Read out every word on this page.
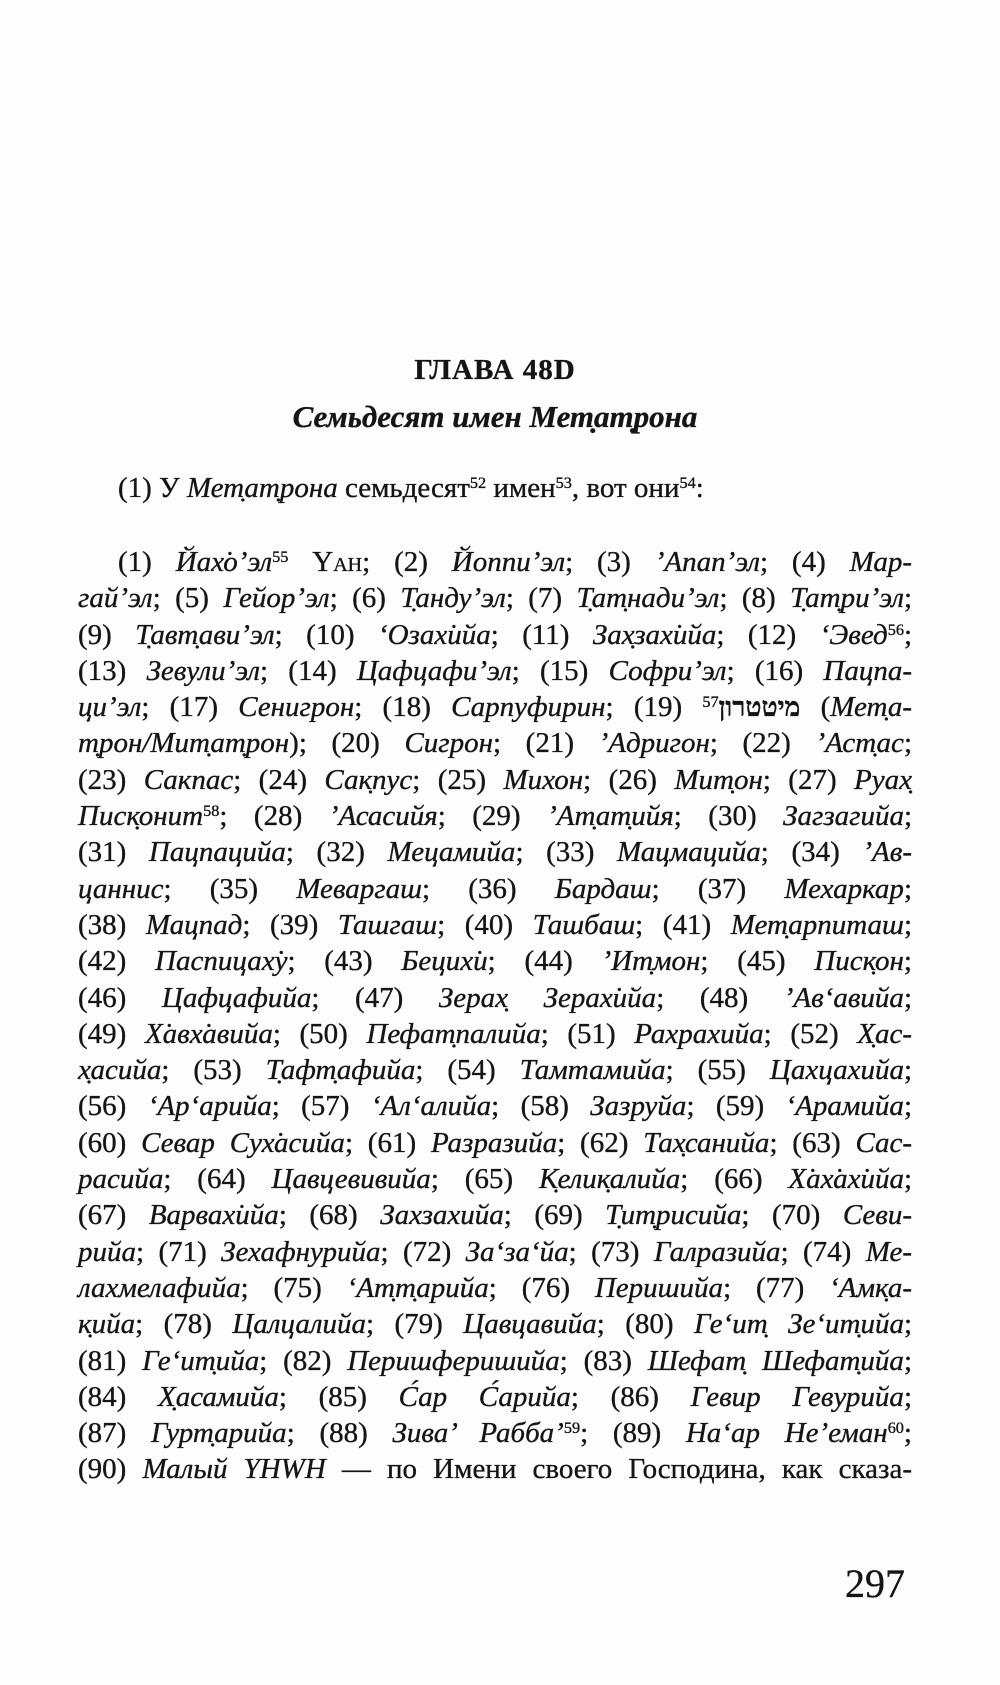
ГЛАВА 48D
Семьдесят имен Мет̣ат̣рона
(1) У Мет̣ат̣рона семьдесят$^{52}$ имен$^{53}$, вот они$^{54}$:
(1) $Йах̇о’эл^{55}$ Yah; (2) Йоппи’эл; (3) ’Апап’эл; (4) Мар-
гай’эл; (5) Гейор’эл; (6) Т̣анду’эл; (7) Т̣ат̣нади’эл; (8) Т̣ат̣ри’эл;
(9) Т̣авт̣ави’эл; (10) ‘Озах̇ийа; (11) Зах̣зах̇ийа; (12) ‘Эвед$^{56}$;
(13) Зевули’эл; (14) Цафцафи’эл; (15) Софри’эл; (16) Пацпа-
ци’эл; (17) Сенигрон; (18) Сарпуфирин; (19) $^{57}$מיטטרון (Мет̣а-
т̣рон/Мит̣ат̣рон); (20) Сигрон; (21) ’Адригон; (22) ’Аст̣ас;
(23) Сакпас; (24) Сак̣пус; (25) Михон; (26) Мит̣он; (27) Руах̣
Писк̣онит$^{58}$; (28) ’Асасийя; (29) ’Ат̣ат̣ийя; (30) Загзагийа;
(31) Пацпацийа; (32) Мецамийа; (33) Мацмацийа; (34) ’Ав-
цаннис; (35) Меваргаш; (36) Бардаш; (37) Мехаркар;
(38) Мацпад; (39) Ташгаш; (40) Ташбаш; (41) Мет̣арпиташ;
(42) Паспицах̇у; (43) Бецих̇и; (44) ’Ит̣мон; (45) Писк̣он;
(46) Цафцафийа; (47) Зерах̣ Зерах̇ийа; (48) ’Ав‘авийа;
(49) Х̇авх̇авийа; (50) Пефат̣палийа; (51) Рахрахийа; (52) Х̣ас-
х̣асийа; (53) Т̣афт̣афийа; (54) Тамтамийа; (55) Цахцахийа;
(56) ‘Ар‘арийа; (57) ‘Ал‘алийа; (58) Зазруйа; (59) ‘Арамийа;
(60) Севар Сух̇асийа; (61) Разразийа; (62) Тах̣санийа; (63) Сас-
расийа; (64) Цавцевивийа; (65) К̣елик̣алийа; (66) Х̇ах̇ах̇ийа;
(67) Варвах̇ийа; (68) Захзахийа; (69) Т̣ит̣рисийа; (70) Севи-
рийа; (71) Зехафнурийа; (72) За‘за‘йа; (73) Галразийа; (74) Ме-
лахмелафийа; (75) ‘Ат̣т̣арийа; (76) Перишийа; (77) ‘Амк̣а-
к̣ийа; (78) Цалцалийа; (79) Цавцавийа; (80) Ге‘ит̣ Зе‘ит̣ийа;
(81) Ге‘ит̣ийа; (82) Перишферишийа; (83) Шефат̣ Шефат̣ийа;
(84) Х̣асамийа; (85) С́ар С́арийа; (86) Гевир Гевурийа;
(87) Гурт̣арийа; (88) Зива’ Рабба’$^{59}$; (89) На‘ар Не’еман$^{60}$;
(90) Малый YHWH — по Имени своего Господина, как сказа-
297
